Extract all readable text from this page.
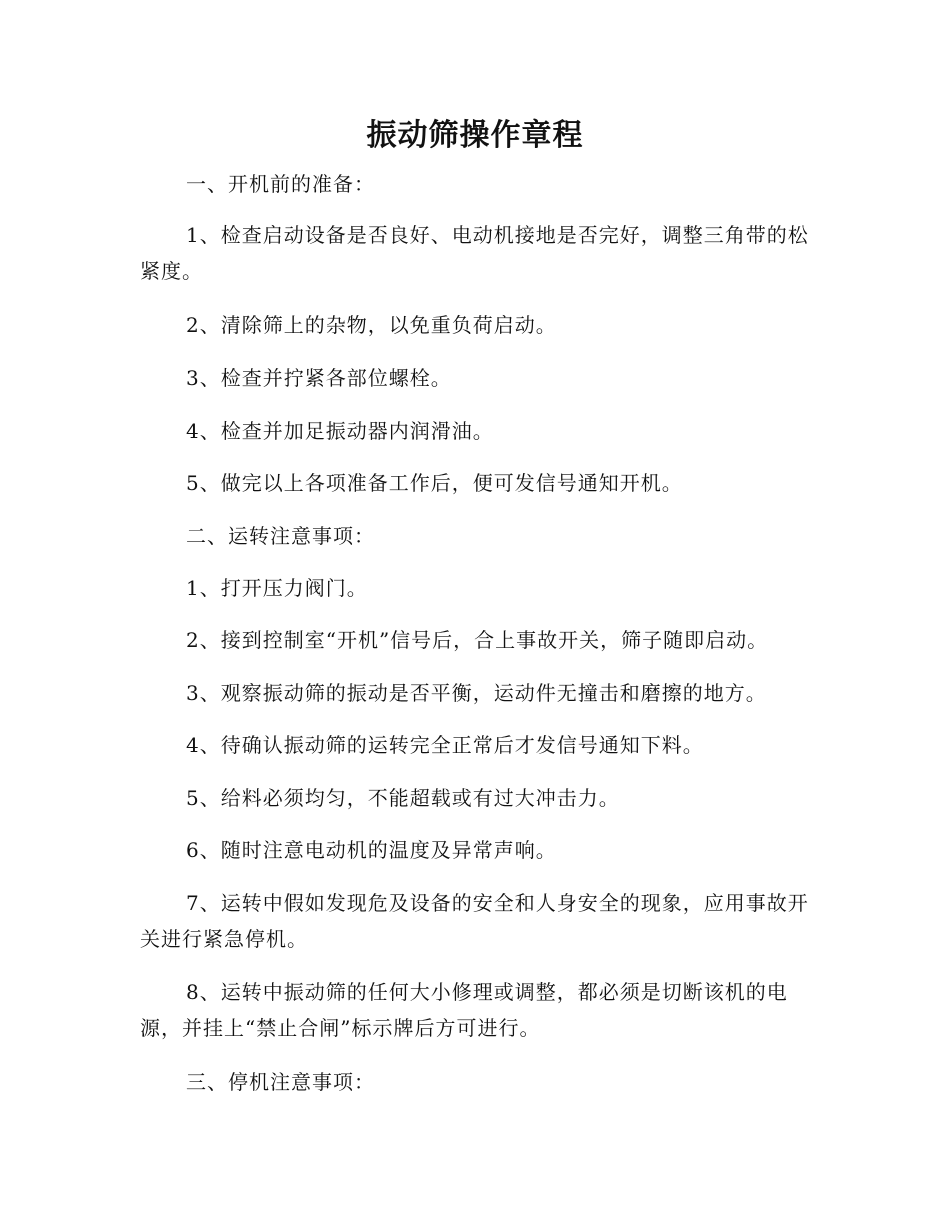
振动筛操作章程

一、开机前的准备：

1、检查启动设备是否良好、电动机接地是否完好，调整三角带的松紧度。

2、清除筛上的杂物，以免重负荷启动。

3、检查并拧紧各部位螺栓。

4、检查并加足振动器内润滑油。

5、做完以上各项准备工作后，便可发信号通知开机。

二、运转注意事项：

1、打开压力阀门。

2、接到控制室“开机”信号后，合上事故开关，筛子随即启动。

3、观察振动筛的振动是否平衡，运动件无撞击和磨擦的地方。

4、待确认振动筛的运转完全正常后才发信号通知下料。

5、给料必须均匀，不能超载或有过大冲击力。

6、随时注意电动机的温度及异常声响。

7、运转中假如发现危及设备的安全和人身安全的现象，应用事故开关进行紧急停机。

8、运转中振动筛的任何大小修理或调整，都必须是切断该机的电源，并挂上“禁止合闸”标示牌后方可进行。

三、停机注意事项：
